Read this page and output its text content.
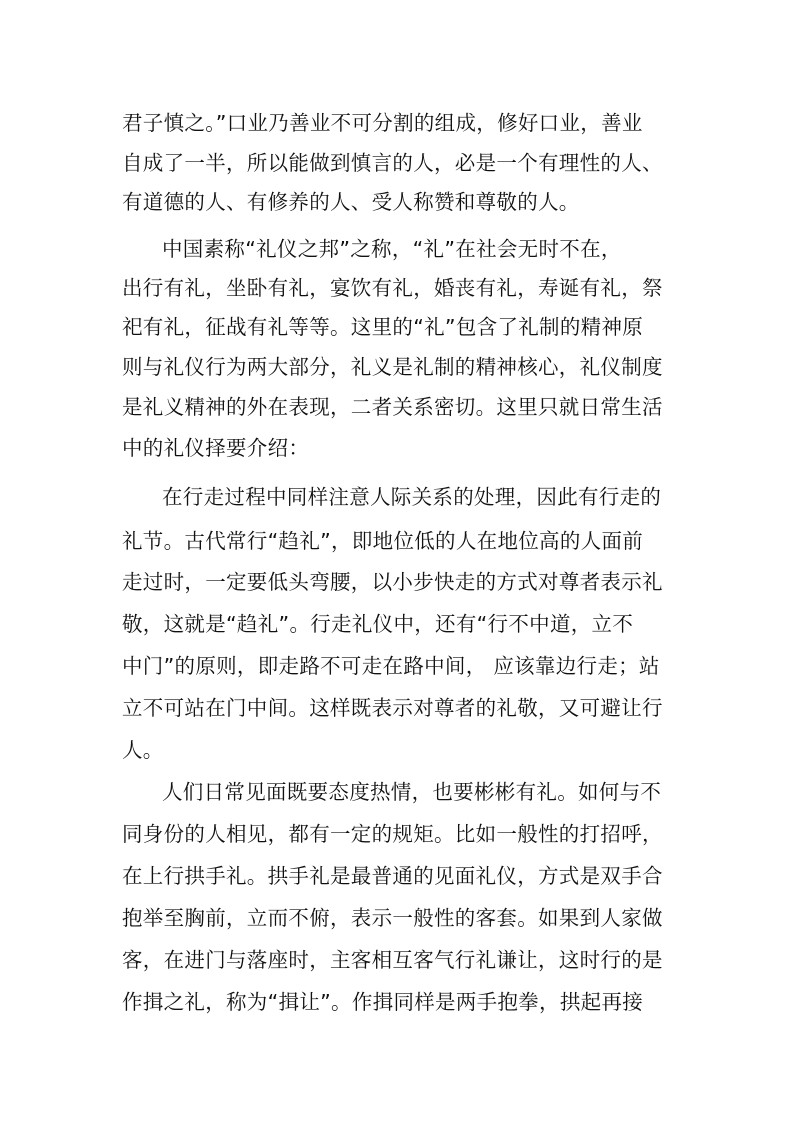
君子慎之。”口业乃善业不可分割的组成，修好口业，善业
自成了一半，所以能做到慎言的人，必是一个有理性的人、
有道德的人、有修养的人、受人称赞和尊敬的人。
中国素称“礼仪之邦”之称，“礼”在社会无时不在，
出行有礼，坐卧有礼，宴饮有礼，婚丧有礼，寿诞有礼，祭
祀有礼，征战有礼等等。这里的“礼”包含了礼制的精神原
则与礼仪行为两大部分，礼义是礼制的精神核心，礼仪制度
是礼义精神的外在表现，二者关系密切。这里只就日常生活
中的礼仪择要介绍：
在行走过程中同样注意人际关系的处理，因此有行走的
礼节。古代常行“趋礼”，即地位低的人在地位高的人面前
走过时，一定要低头弯腰，以小步快走的方式对尊者表示礼
敬，这就是“趋礼”。行走礼仪中，还有“行不中道，立不
中门”的原则，即走路不可走在路中间， 应该靠边行走；站
立不可站在门中间。这样既表示对尊者的礼敬，又可避让行
人。
人们日常见面既要态度热情，也要彬彬有礼。如何与不
同身份的人相见，都有一定的规矩。比如一般性的打招呼，
在上行拱手礼。拱手礼是最普通的见面礼仪，方式是双手合
抱举至胸前，立而不俯，表示一般性的客套。如果到人家做
客，在进门与落座时，主客相互客气行礼谦让，这时行的是
作揖之礼，称为“揖让”。作揖同样是两手抱拳，拱起再接
